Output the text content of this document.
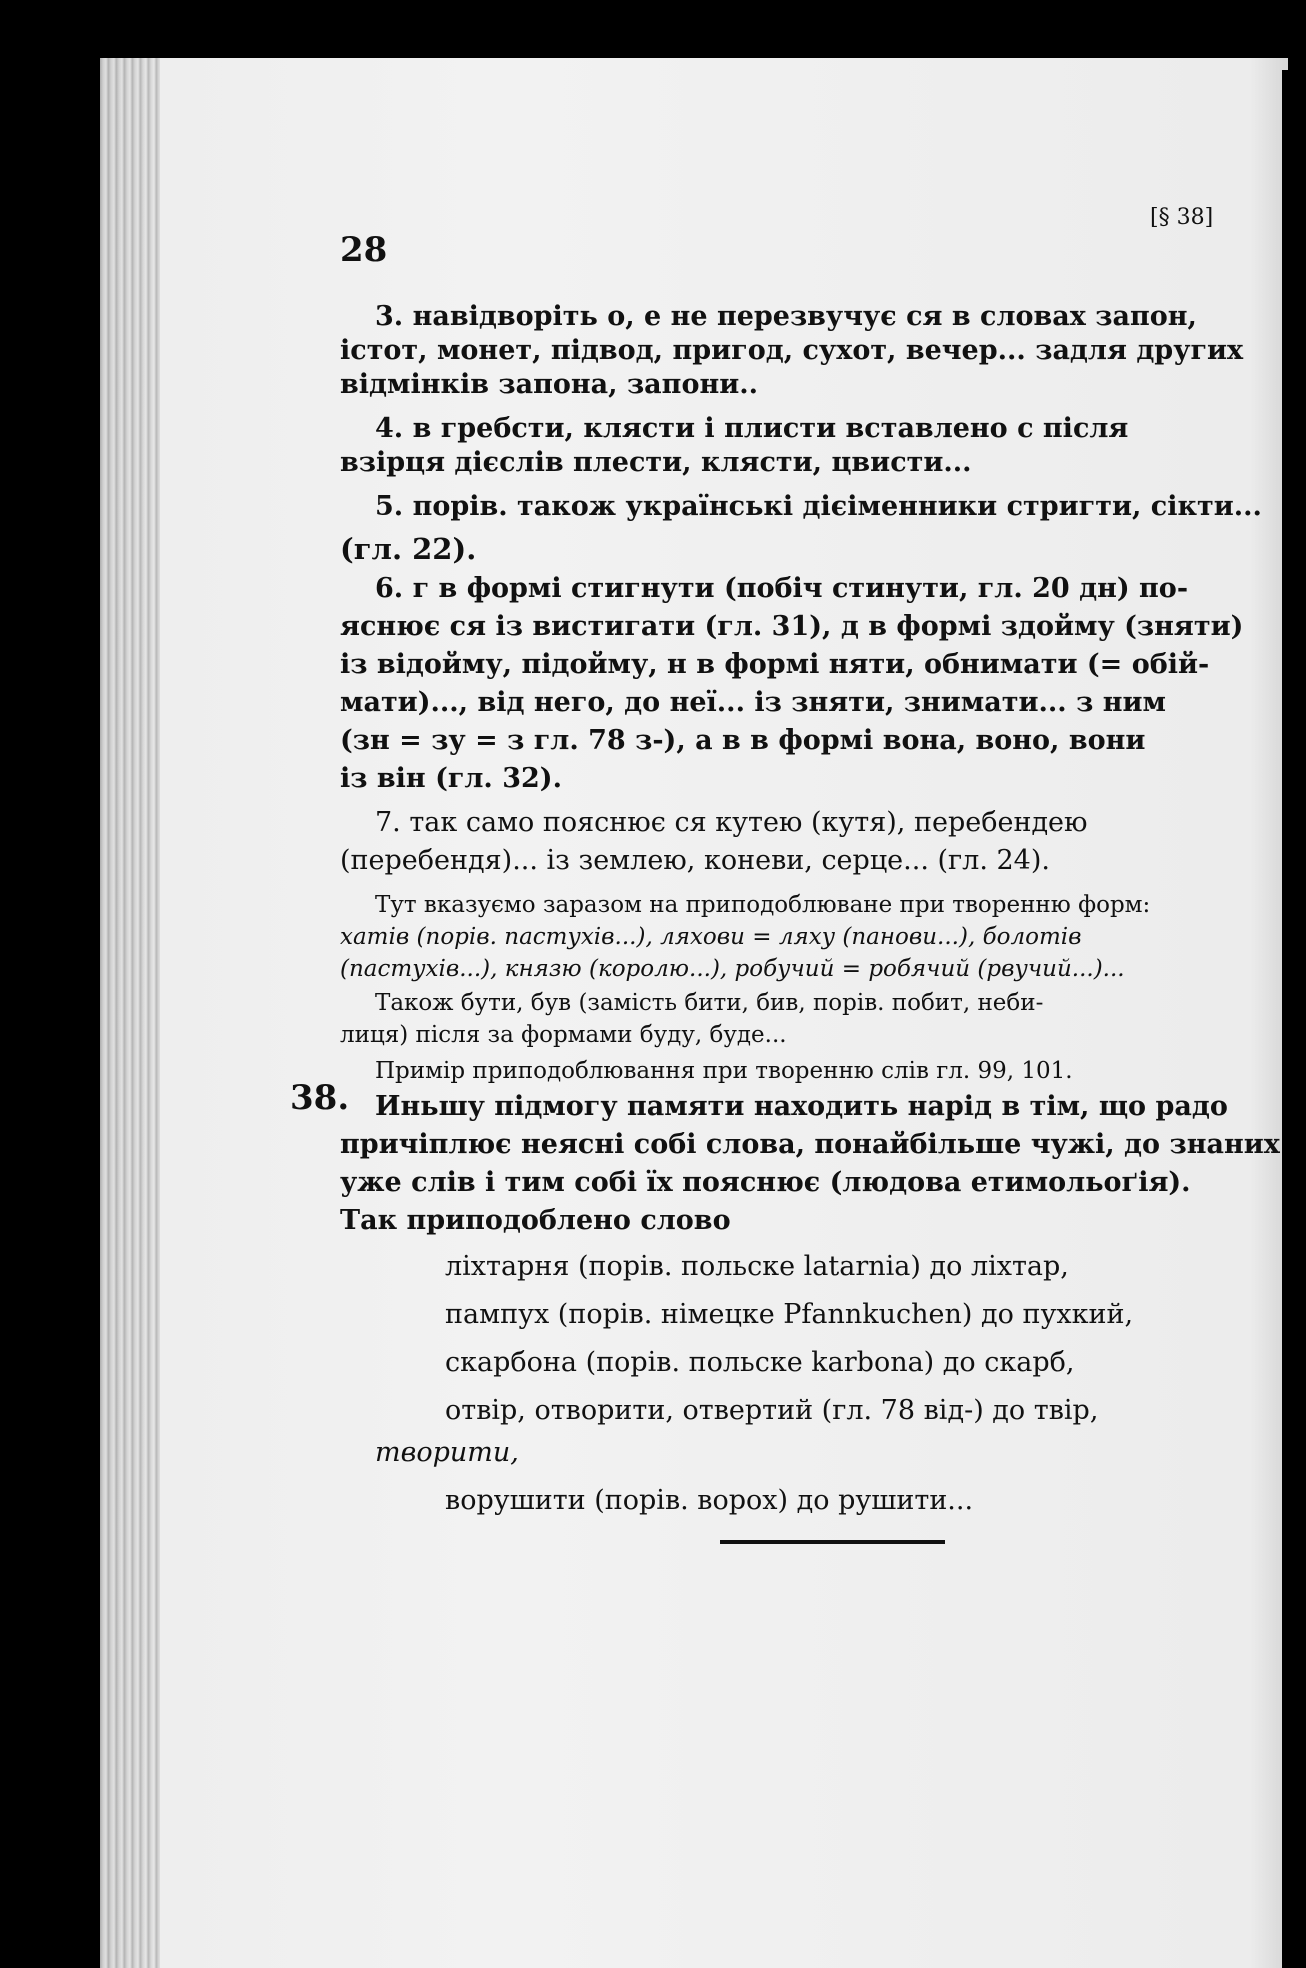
28
[§ 38]
38.
3. навідворіть о, е не перезвучує ся в словах запон,
істот, монет, підвод, пригод, сухот, вечер... задля других
відмінків запона, запони..
4. в гребсти, клясти і плисти вставлено с після
взірця дієслів плести, клясти, цвисти...
5. порів. також українські дієіменники стригти, сікти...
(гл. 22).
6. г в формі стигнути (побіч стинути, гл. 20 дн) по-
яснює ся із вистигати (гл. 31), д в формі здойму (зняти)
із відойму, підойму, н в формі няти, обнимати (= обій-
мати)..., від него, до неї... із зняти, знимати... з ним
(зн = зу = з гл. 78 з-), а в в формі вона, воно, вони
із він (гл. 32).
7. так само пояснює ся кутею (кутя), перебендею
(перебендя)... із землею, коневи, серце... (гл. 24).
Тут вказуємо заразом на приподоблюване при творенню форм:
хатів (порів. пастухів...), ляхови = ляху (панови...), болотів
(пастухів...), князю (королю...), робучий = робячий (рвучий...)...
Також бути, був (замість бити, бив, порів. побит, неби-
лиця) після за формами буду, буде...
Примір приподоблювання при творенню слів гл. 99, 101.
Иньшу підмогу памяти находить нарід в тім, що радо
причіплює неясні собі слова, понайбільше чужі, до знаних
уже слів і тим собі їх пояснює (людова етимольоґія).
Так приподоблено слово
ліхтарня (порів. польске latarnia) до ліхтар,
пампух (порів. німецке Pfannkuchen) до пухкий,
скарбона (порів. польске karbona) до скарб,
отвір, отворити, отвертий (гл. 78 від-) до твір,
творити,
ворушити (порів. ворох) до рушити...
